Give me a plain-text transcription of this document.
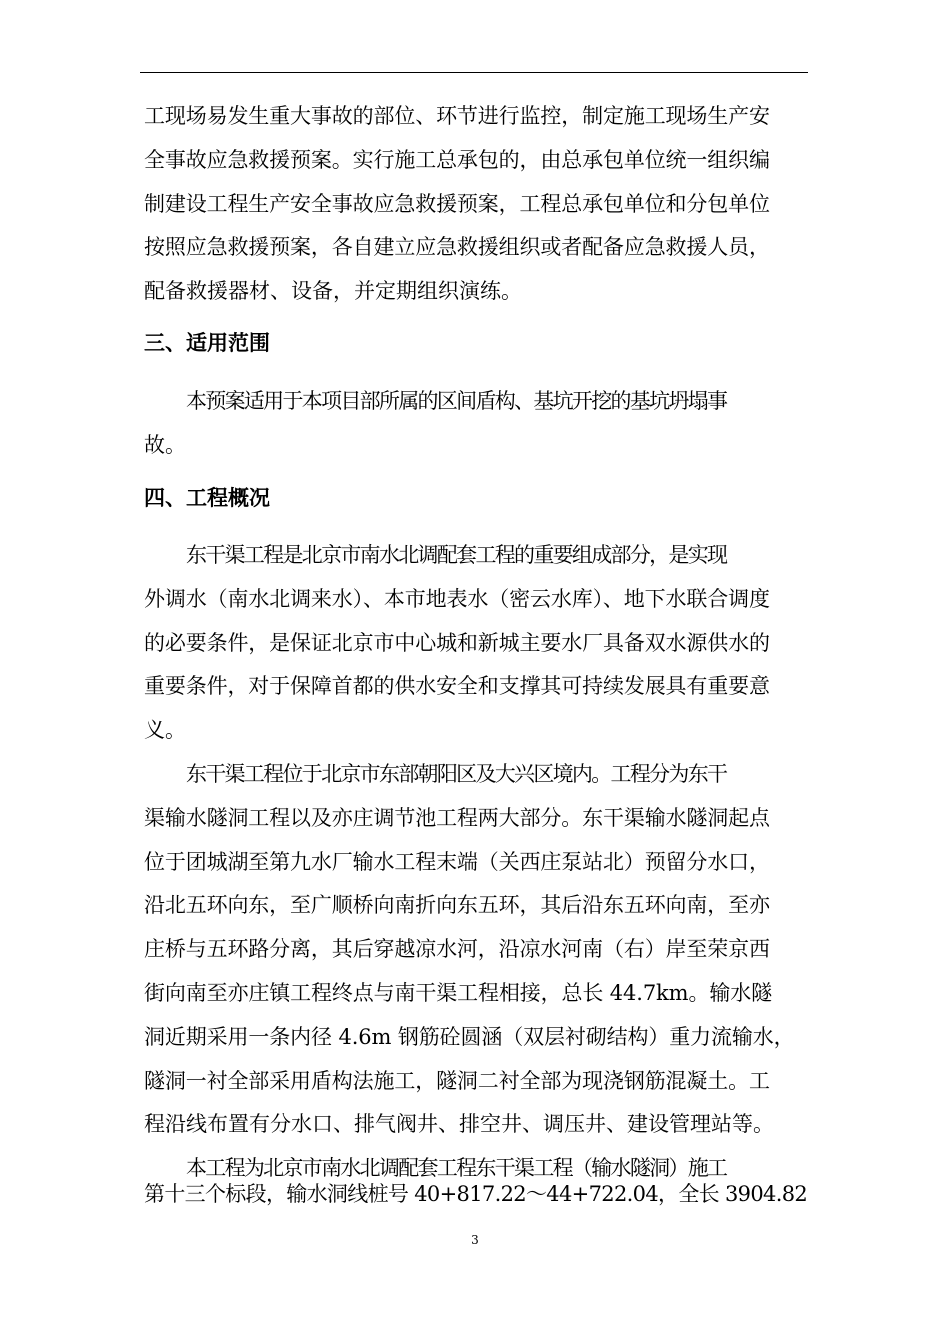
工现场易发生重大事故的部位、环节进行监控，制定施工现场生产安
全事故应急救援预案。实行施工总承包的，由总承包单位统一组织编
制建设工程生产安全事故应急救援预案，工程总承包单位和分包单位
按照应急救援预案，各自建立应急救援组织或者配备应急救援人员，
配备救援器材、设备，并定期组织演练。
三、适用范围
本预案适用于本项目部所属的区间盾构、基坑开挖的基坑坍塌事
故。
四、工程概况
东干渠工程是北京市南水北调配套工程的重要组成部分，是实现
外调水（南水北调来水）、本市地表水（密云水库）、地下水联合调度
的必要条件，是保证北京市中心城和新城主要水厂具备双水源供水的
重要条件，对于保障首都的供水安全和支撑其可持续发展具有重要意
义。
东干渠工程位于北京市东部朝阳区及大兴区境内。工程分为东干
渠输水隧洞工程以及亦庄调节池工程两大部分。东干渠输水隧洞起点
位于团城湖至第九水厂输水工程末端（关西庄泵站北）预留分水口，
沿北五环向东，至广顺桥向南折向东五环，其后沿东五环向南，至亦
庄桥与五环路分离，其后穿越凉水河，沿凉水河南（右）岸至荣京西
街向南至亦庄镇工程终点与南干渠工程相接，总长 44.7km。输水隧
洞近期采用一条内径 4.6m 钢筋砼圆涵（双层衬砌结构）重力流输水，
隧洞一衬全部采用盾构法施工，隧洞二衬全部为现浇钢筋混凝土。工
程沿线布置有分水口、排气阀井、排空井、调压井、建设管理站等。
本工程为北京市南水北调配套工程东干渠工程（输水隧洞）施工
第十三个标段，输水洞线桩号 40+817.22～44+722.04，全长 3904.82
3
